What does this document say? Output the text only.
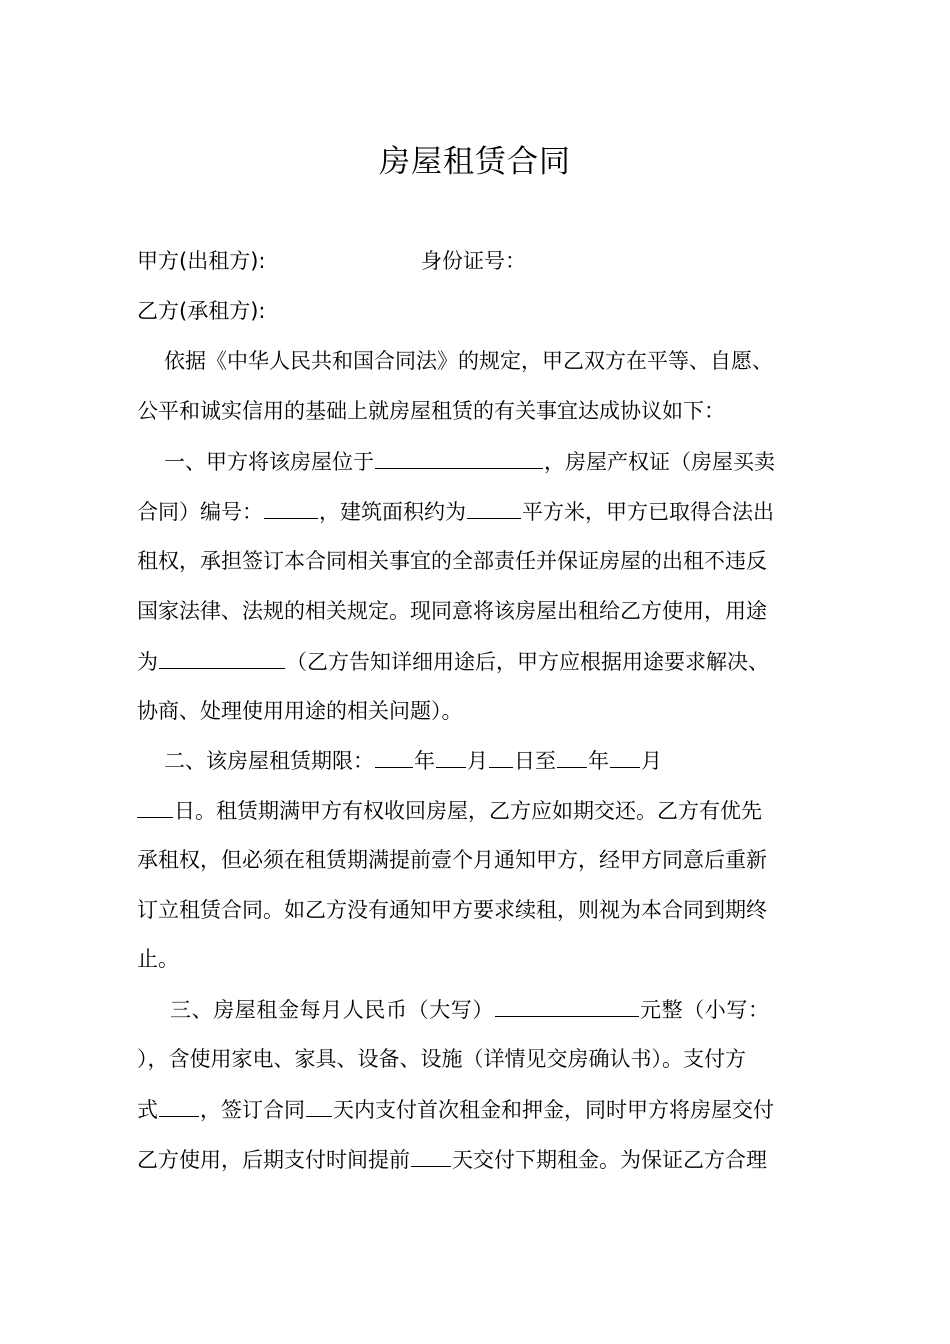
房屋租赁合同
甲方(出租方):	身份证号：
乙方(承租方):
依据《中华人民共和国合同法》的规定，甲乙双方在平等、自愿、
公平和诚实信用的基础上就房屋租赁的有关事宜达成协议如下：
一、甲方将该房屋位于	，房屋产权证（房屋买卖
合同）编号：	，建筑面积约为	平方米，甲方已取得合法出
租权，承担签订本合同相关事宜的全部责任并保证房屋的出租不违反
国家法律、法规的相关规定。现同意将该房屋出租给乙方使用，用途
为	（乙方告知详细用途后，甲方应根据用途要求解决、
协商、处理使用用途的相关问题）。
二、该房屋租赁期限： 年 月 日至 年 月
日。租赁期满甲方有权收回房屋，乙方应如期交还。乙方有优先
承租权，但必须在租赁期满提前壹个月通知甲方，经甲方同意后重新
订立租赁合同。如乙方没有通知甲方要求续租，则视为本合同到期终
止。
三、房屋租金每月人民币（大写）	元整（小写：
），含使用家电、家具、设备、设施（详情见交房确认书）。支付方
式 ，签订合同 天内支付首次租金和押金，同时甲方将房屋交付
乙方使用，后期支付时间提前 天交付下期租金。为保证乙方合理
